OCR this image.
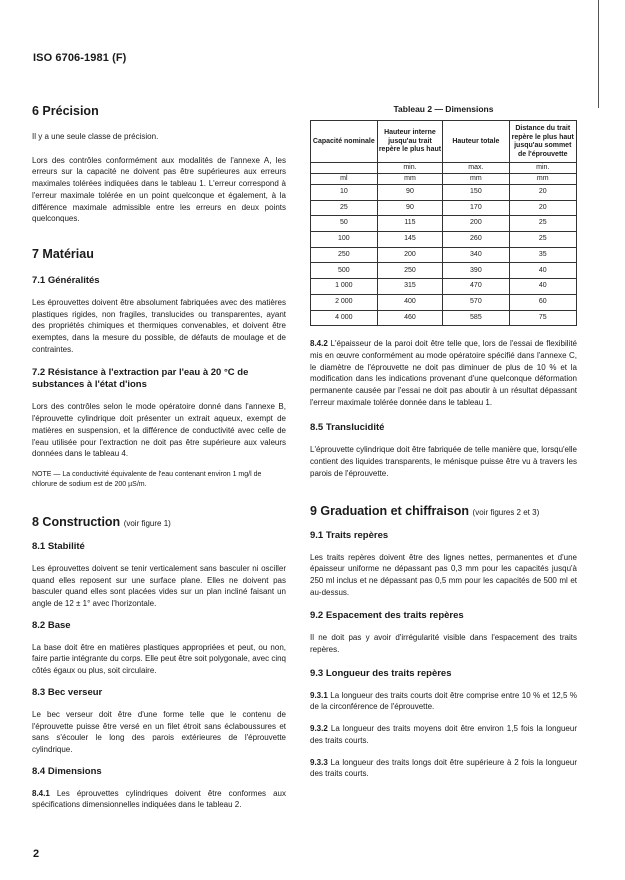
ISO 6706-1981 (F)
6 Précision

Il y a une seule classe de précision.

Lors des contrôles conformément aux modalités de l'annexe A, les erreurs sur la capacité ne doivent pas être supérieures aux erreurs maximales tolérées indiquées dans le tableau 1. L'erreur correspond à l'erreur maximale tolérée en un point quelconque et également, à la différence maximale admissible entre les erreurs en deux points quelconques.

7 Matériau
7.1 Généralités

Les éprouvettes doivent être absolument fabriquées avec des matières plastiques rigides, non fragiles, translucides ou transparentes, ayant des propriétés chimiques et thermiques convenables, et doivent être exemptes, dans la mesure du possible, de défauts de moulage et de contraintes.

7.2 Résistance à l'extraction par l'eau à 20 °C de substances à l'état d'ions

Lors des contrôles selon le mode opératoire donné dans l'annexe B, l'éprouvette cylindrique doit présenter un extrait aqueux, exempt de matières en suspension, et la différence de conductivité avec celle de l'eau utilisée pour l'extraction ne doit pas être supérieure aux valeurs données dans le tableau 4.

NOTE — La conductivité équivalente de l'eau contenant environ 1 mg/l de chlorure de sodium est de 200 µS/m.

8 Construction (voir figure 1)
8.1 Stabilité

Les éprouvettes doivent se tenir verticalement sans basculer ni osciller quand elles reposent sur une surface plane. Elles ne doivent pas basculer quand elles sont placées vides sur un plan incliné faisant un angle de 12 ± 1° avec l'horizontale.

8.2 Base

La base doit être en matières plastiques appropriées et peut, ou non, faire partie intégrante du corps. Elle peut être soit polygonale, avec cinq côtés égaux ou plus, soit circulaire.

8.3 Bec verseur

Le bec verseur doit être d'une forme telle que le contenu de l'éprouvette puisse être versé en un filet étroit sans éclaboussures et sans s'écouler le long des parois extérieures de l'éprouvette cylindrique.

8.4 Dimensions

8.4.1 Les éprouvettes cylindriques doivent être conformes aux spécifications dimensionnelles indiquées dans le tableau 2.

Tableau 2 — Dimensions

Capacité nominale	Hauteur interne jusqu'au trait repère le plus haut	Hauteur totale	Distance du trait repère le plus haut jusqu'au sommet de l'éprouvette
	min.	max.	min.
ml	mm	mm	mm
10	90	150	20
25	90	170	20
50	115	200	25
100	145	260	25
250	200	340	35
500	250	390	40
1 000	315	470	40
2 000	400	570	60
4 000	460	585	75

8.4.2 L'épaisseur de la paroi doit être telle que, lors de l'essai de flexibilité mis en œuvre conformément au mode opératoire spécifié dans l'annexe C, le diamètre de l'éprouvette ne doit pas diminuer de plus de 10 % et la modification dans les indications provenant d'une quelconque déformation permanente causée par l'essai ne doit pas aboutir à un résultat dépassant l'erreur maximale tolérée donnée dans le tableau 1.

8.5 Translucidité

L'éprouvette cylindrique doit être fabriquée de telle manière que, lorsqu'elle contient des liquides transparents, le ménisque puisse être vu à travers les parois de l'éprouvette.

9 Graduation et chiffraison (voir figures 2 et 3)
9.1 Traits repères

Les traits repères doivent être des lignes nettes, permanentes et d'une épaisseur uniforme ne dépassant pas 0,3 mm pour les capacités jusqu'à 250 ml inclus et ne dépassant pas 0,5 mm pour les capacités de 500 ml et au-dessus.

9.2 Espacement des traits repères

Il ne doit pas y avoir d'irrégularité visible dans l'espacement des traits repères.

9.3 Longueur des traits repères

9.3.1 La longueur des traits courts doit être comprise entre 10 % et 12,5 % de la circonférence de l'éprouvette.

9.3.2 La longueur des traits moyens doit être environ 1,5 fois la longueur des traits courts.

9.3.3 La longueur des traits longs doit être supérieure à 2 fois la longueur des traits courts.

2
